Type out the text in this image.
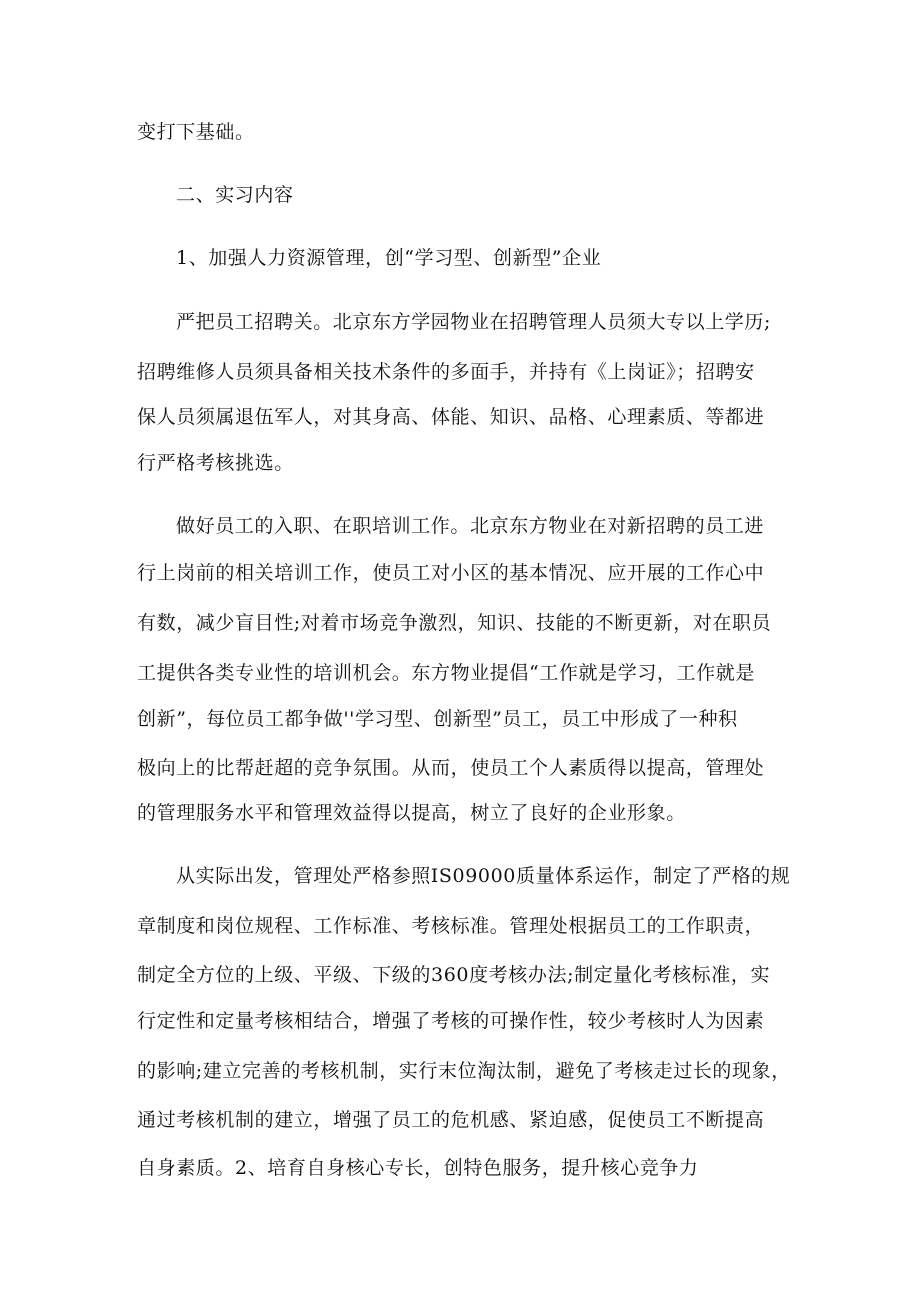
变打下基础。
二、实习内容
1、加强人力资源管理，创“学习型、创新型”企业
严把员工招聘关。北京东方学园物业在招聘管理人员须大专以上学历;
招聘维修人员须具备相关技术条件的多面手，并持有《上岗证》；招聘安
保人员须属退伍军人，对其身高、体能、知识、品格、心理素质、等都进
行严格考核挑选。
做好员工的入职、在职培训工作。北京东方物业在对新招聘的员工进
行上岗前的相关培训工作，使员工对小区的基本情况、应开展的工作心中
有数，减少盲目性;对着市场竞争激烈，知识、技能的不断更新，对在职员
工提供各类专业性的培训机会。东方物业提倡“工作就是学习，工作就是
创新”，每位员工都争做''学习型、创新型”员工，员工中形成了一种积
极向上的比帮赶超的竞争氛围。从而，使员工个人素质得以提高，管理处
的管理服务水平和管理效益得以提高，树立了良好的企业形象。
从实际出发，管理处严格参照IS09000质量体系运作，制定了严格的规
章制度和岗位规程、工作标准、考核标准。管理处根据员工的工作职责，
制定全方位的上级、平级、下级的360度考核办法;制定量化考核标准，实
行定性和定量考核相结合，增强了考核的可操作性，较少考核时人为因素
的影响;建立完善的考核机制，实行末位淘汰制，避免了考核走过长的现象，
通过考核机制的建立，增强了员工的危机感、紧迫感，促使员工不断提高
自身素质。2、培育自身核心专长，创特色服务，提升核心竞争力
